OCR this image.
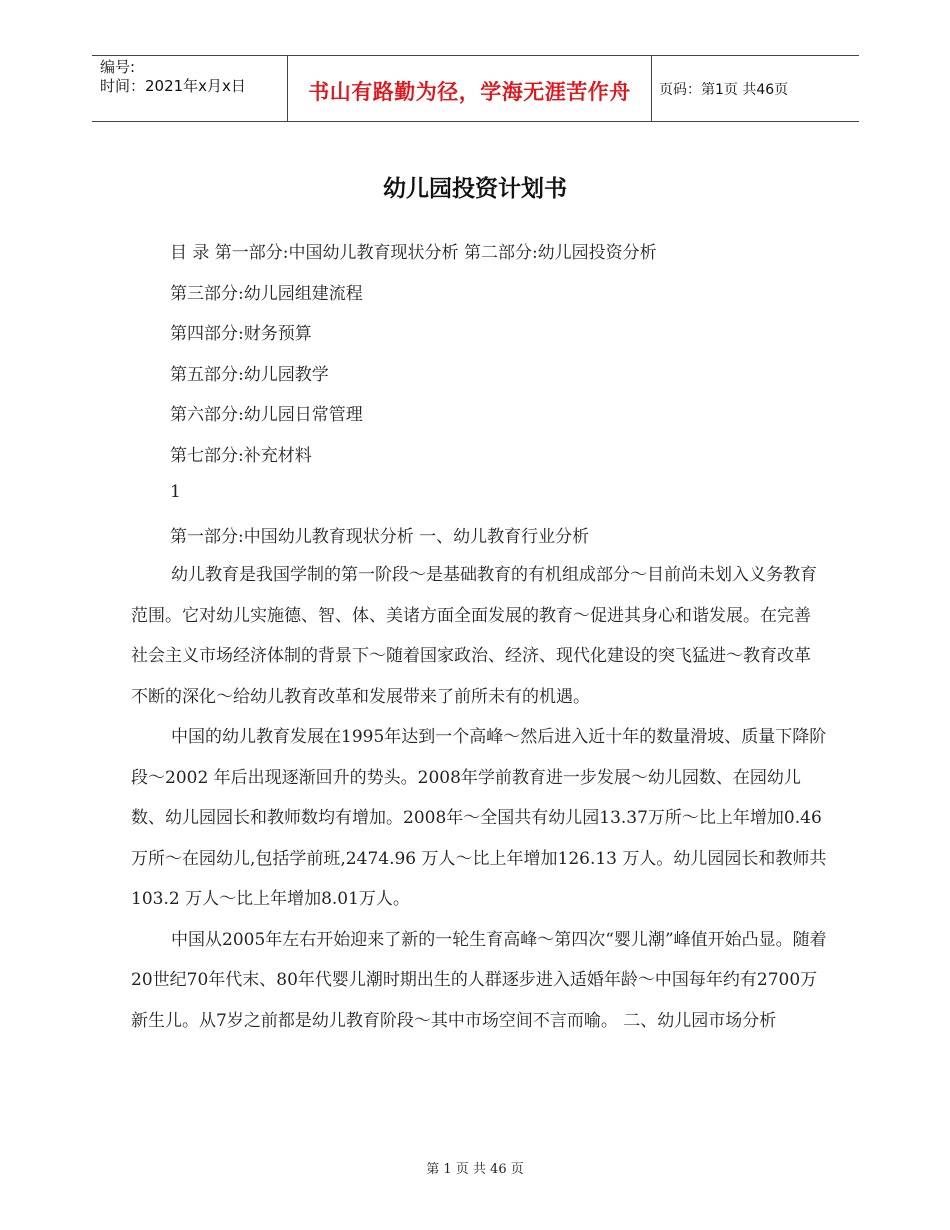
编号:
时间：2021年x月x日	书山有路勤为径，学海无涯苦作舟	页码：第1页 共46页
幼儿园投资计划书
目 录 第一部分:中国幼儿教育现状分析 第二部分:幼儿园投资分析
第三部分:幼儿园组建流程
第四部分:财务预算
第五部分:幼儿园教学
第六部分:幼儿园日常管理
第七部分:补充材料
1
第一部分:中国幼儿教育现状分析 一、幼儿教育行业分析

幼儿教育是我国学制的第一阶段～是基础教育的有机组成部分～目前尚未划入义务教育范围。它对幼儿实施德、智、体、美诸方面全面发展的教育～促进其身心和谐发展。在完善社会主义市场经济体制的背景下～随着国家政治、经济、现代化建设的突飞猛进～教育改革不断的深化～给幼儿教育改革和发展带来了前所未有的机遇。

中国的幼儿教育发展在1995年达到一个高峰～然后进入近十年的数量滑坡、质量下降阶段～2002 年后出现逐渐回升的势头。2008年学前教育进一步发展～幼儿园数、在园幼儿数、幼儿园园长和教师数均有增加。2008年～全国共有幼儿园13.37万所～比上年增加0.46 万所～在园幼儿,包括学前班,2474.96 万人～比上年增加126.13 万人。幼儿园园长和教师共103.2 万人～比上年增加8.01万人。

中国从2005年左右开始迎来了新的一轮生育高峰～第四次“婴儿潮”峰值开始凸显。随着20世纪70年代末、80年代婴儿潮时期出生的人群逐步进入适婚年龄～中国每年约有2700万新生儿。从7岁之前都是幼儿教育阶段～其中市场空间不言而喻。 二、幼儿园市场分析

第 1 页 共 46 页
